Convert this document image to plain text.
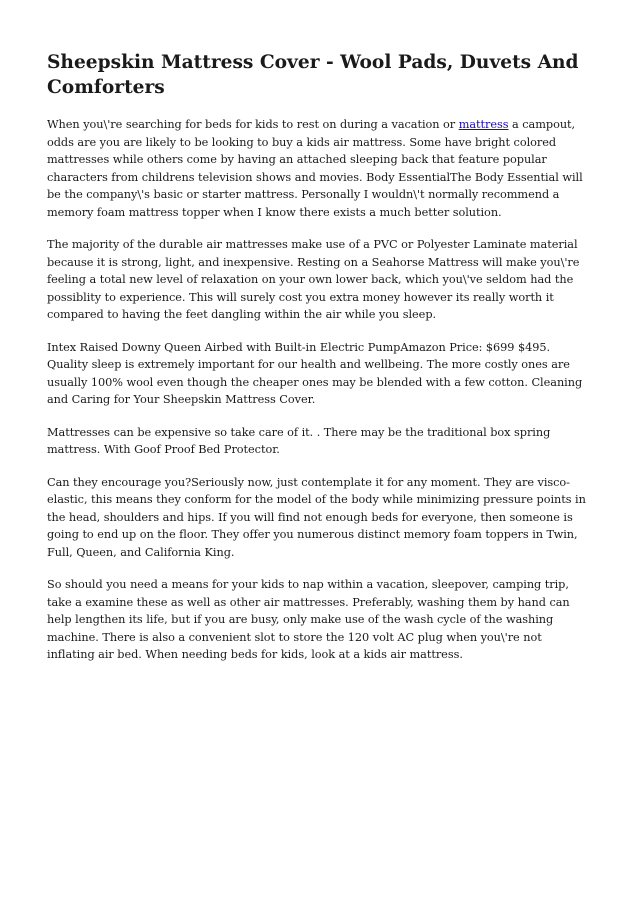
Sheepskin Mattress Cover - Wool Pads, Duvets And Comforters

When you\'re searching for beds for kids to rest on during a vacation or mattress a campout, odds are you are likely to be looking to buy a kids air mattress. Some have bright colored mattresses while others come by having an attached sleeping back that feature popular characters from childrens television shows and movies. Body EssentialThe Body Essential will be the company\'s basic or starter mattress. Personally I wouldn\'t normally recommend a memory foam mattress topper when I know there exists a much better solution.

The majority of the durable air mattresses make use of a PVC or Polyester Laminate material because it is strong, light, and inexpensive. Resting on a Seahorse Mattress will make you\'re feeling a total new level of relaxation on your own lower back, which you\'ve seldom had the possiblity to experience. This will surely cost you extra money however its really worth it compared to having the feet dangling within the air while you sleep.

Intex Raised Downy Queen Airbed with Built-in Electric PumpAmazon Price: $699 $495. Quality sleep is extremely important for our health and wellbeing. The more costly ones are usually 100% wool even though the cheaper ones may be blended with a few cotton. Cleaning and Caring for Your Sheepskin Mattress Cover.

Mattresses can be expensive so take care of it. . There may be the traditional box spring mattress. With Goof Proof Bed Protector.

Can they encourage you?Seriously now, just contemplate it for any moment. They are visco-elastic, this means they conform for the model of the body while minimizing pressure points in the head, shoulders and hips. If you will find not enough beds for everyone, then someone is going to end up on the floor. They offer you numerous distinct memory foam toppers in Twin, Full, Queen, and California King.

So should you need a means for your kids to nap within a vacation, sleepover, camping trip, take a examine these as well as other air mattresses. Preferably, washing them by hand can help lengthen its life, but if you are busy, only make use of the wash cycle of the washing machine. There is also a convenient slot to store the 120 volt AC plug when you\'re not inflating air bed. When needing beds for kids, look at a kids air mattress.
